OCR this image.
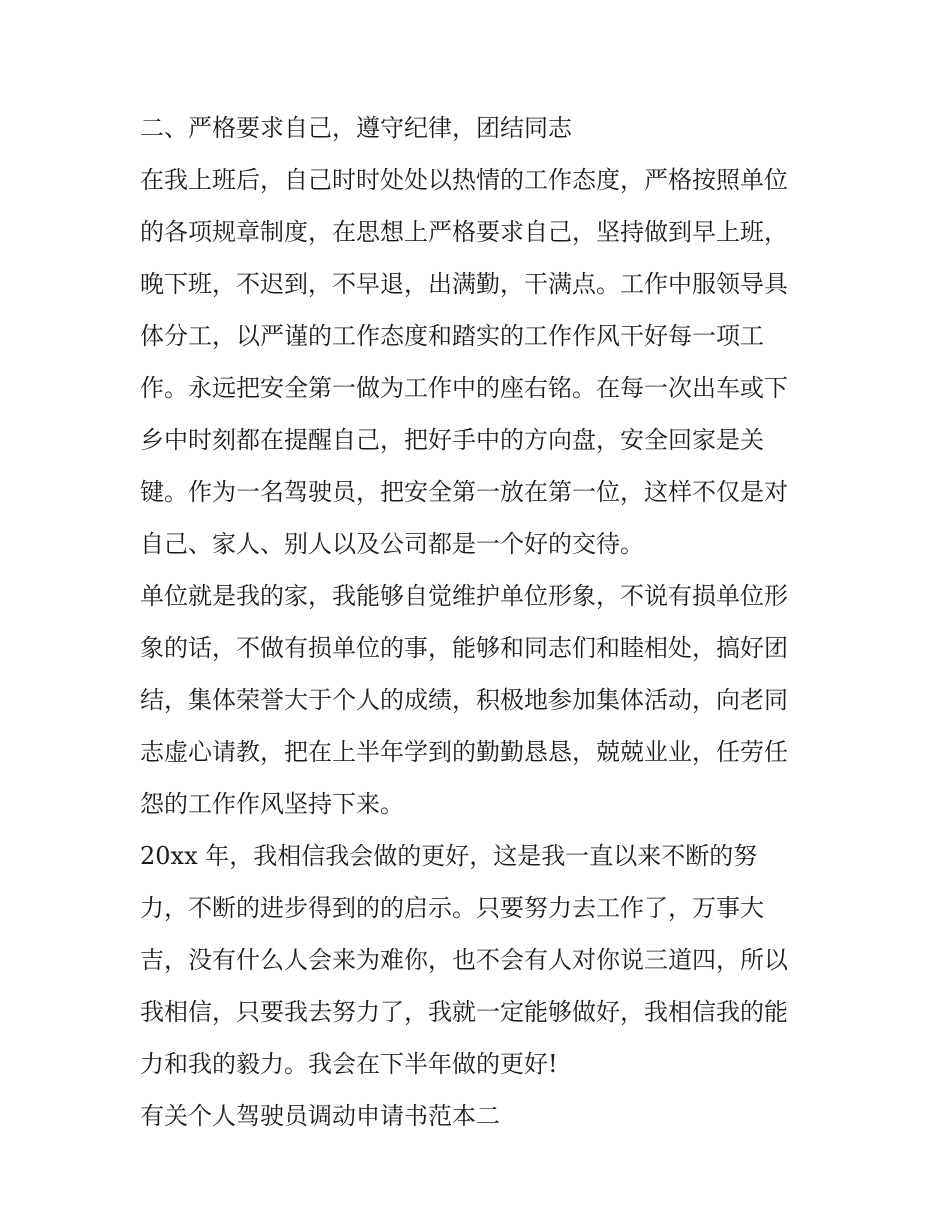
二、严格要求自己，遵守纪律，团结同志
在我上班后，自己时时处处以热情的工作态度，严格按照单位
的各项规章制度，在思想上严格要求自己，坚持做到早上班，
晚下班，不迟到，不早退，出满勤，干满点。工作中服领导具
体分工，以严谨的工作态度和踏实的工作作风干好每一项工
作。永远把安全第一做为工作中的座右铭。在每一次出车或下
乡中时刻都在提醒自己，把好手中的方向盘，安全回家是关
键。作为一名驾驶员，把安全第一放在第一位，这样不仅是对
自己、家人、别人以及公司都是一个好的交待。
单位就是我的家，我能够自觉维护单位形象，不说有损单位形
象的话，不做有损单位的事，能够和同志们和睦相处，搞好团
结，集体荣誉大于个人的成绩，积极地参加集体活动，向老同
志虚心请教，把在上半年学到的勤勤恳恳，兢兢业业，任劳任
怨的工作作风坚持下来。
20xx 年，我相信我会做的更好，这是我一直以来不断的努
力，不断的进步得到的的启示。只要努力去工作了，万事大
吉，没有什么人会来为难你，也不会有人对你说三道四，所以
我相信，只要我去努力了，我就一定能够做好，我相信我的能
力和我的毅力。我会在下半年做的更好!
有关个人驾驶员调动申请书范本二
